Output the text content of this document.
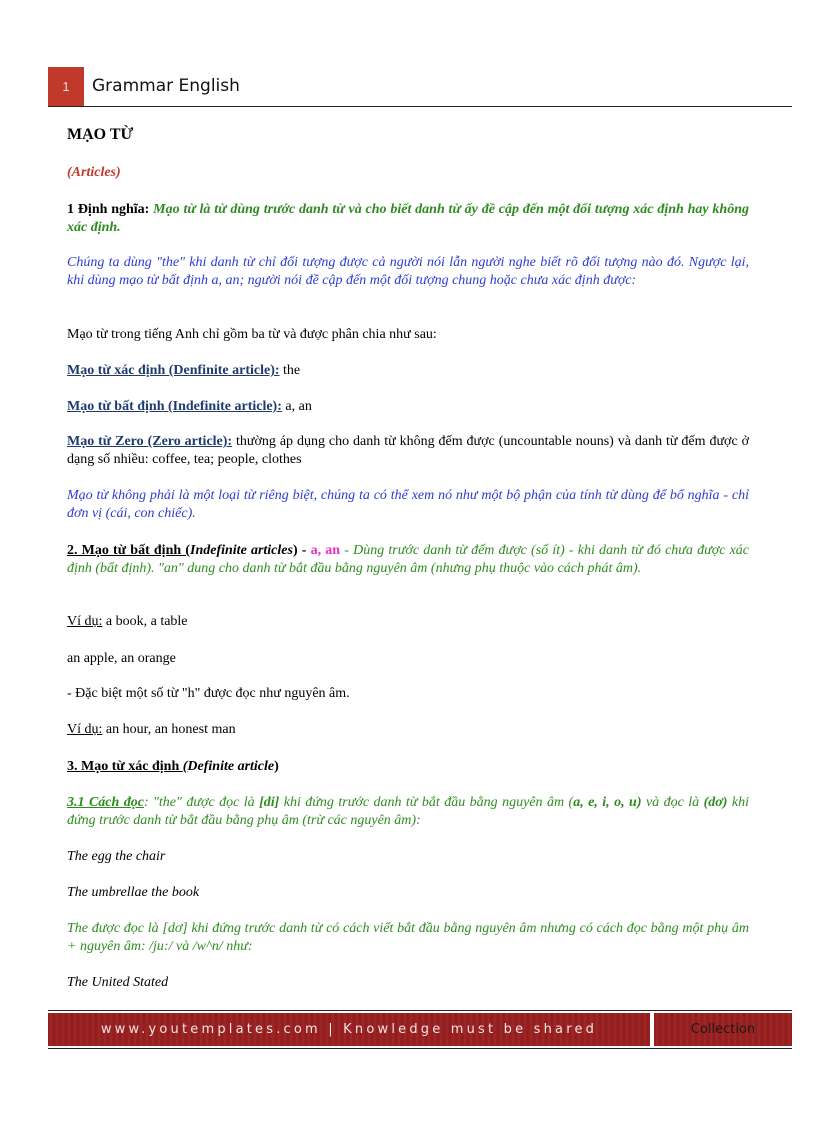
1 Grammar English

MẠO TỪ

(Articles)

1 Định nghĩa: Mạo từ là từ dùng trước danh từ và cho biết danh từ ấy đề cập đến một đối tượng xác định hay không xác định.

Chúng ta dùng "the" khi danh từ chỉ đối tượng được cả người nói lẫn người nghe biết rõ đối tượng nào đó. Ngược lại, khi dùng mạo từ bất định a, an; người nói đề cập đến một đối tượng chung hoặc chưa xác định được:

Mạo từ trong tiếng Anh chỉ gồm ba từ và được phân chia như sau:

Mạo từ xác định (Denfinite article): the

Mạo từ bất định (Indefinite article): a, an

Mạo từ Zero (Zero article): thường áp dụng cho danh từ không đếm được (uncountable nouns) và danh từ đếm được ở dạng số nhiều: coffee, tea; people, clothes

Mạo từ không phải là một loại từ riêng biệt, chúng ta có thể xem nó như một bộ phận của tính từ dùng để bổ nghĩa - chỉ đơn vị (cái, con chiếc).

2. Mạo từ bất định (Indefinite articles) - a, an - Dùng trước danh từ đếm được (số ít) - khi danh từ đó chưa được xác định (bất định). "an" dung cho danh từ bắt đầu bằng nguyên âm (nhưng phụ thuộc vào cách phát âm).

Ví dụ: a book, a table

an apple, an orange

- Đặc biệt một số từ "h" được đọc như nguyên âm.

Ví dụ: an hour, an honest man

3. Mạo từ xác định (Definite article)

3.1 Cách đọc: "the" được đọc là [di] khi đứng trước danh từ bắt đầu bằng nguyên âm (a, e, i, o, u) và đọc là (dơ) khi đứng trước danh từ bắt đầu bằng phụ âm (trừ các nguyên âm):

The egg the chair

The umbrellae the book

The được đọc là [dơ] khi đứng trước danh từ có cách viết bắt đầu bằng nguyên âm nhưng có cách đọc bằng một phụ âm + nguyên âm: /ju:/ và /w^n/ như:

The United Stated

www.youtemplates.com | Knowledge must be shared	Collection
